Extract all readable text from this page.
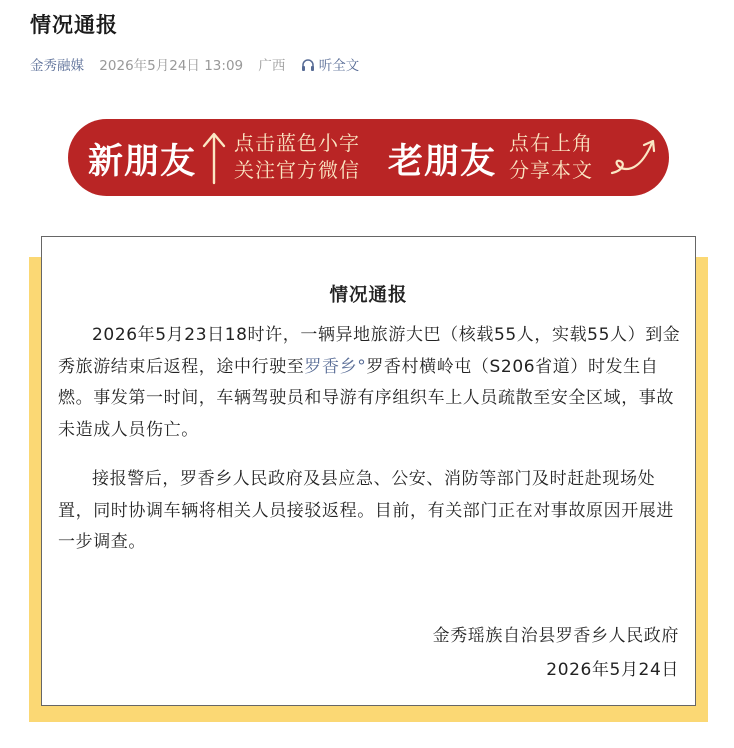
情况通报
金秀融媒 2026年5月24日 13:09 广西 听全文
新朋友 点击蓝色小字
关注官方微信 老朋友 点右上角
分享本文
情况通报

2026年5月23日18时许，一辆异地旅游大巴（核载55人，实载55人）到金秀旅游结束后返程，途中行驶至罗香乡°罗香村横岭屯（S206省道）时发生自燃。事发第一时间，车辆驾驶员和导游有序组织车上人员疏散至安全区域，事故未造成人员伤亡。

接报警后，罗香乡人民政府及县应急、公安、消防等部门及时赶赴现场处置，同时协调车辆将相关人员接驳返程。目前，有关部门正在对事故原因开展进一步调查。

金秀瑶族自治县罗香乡人民政府
2026年5月24日
